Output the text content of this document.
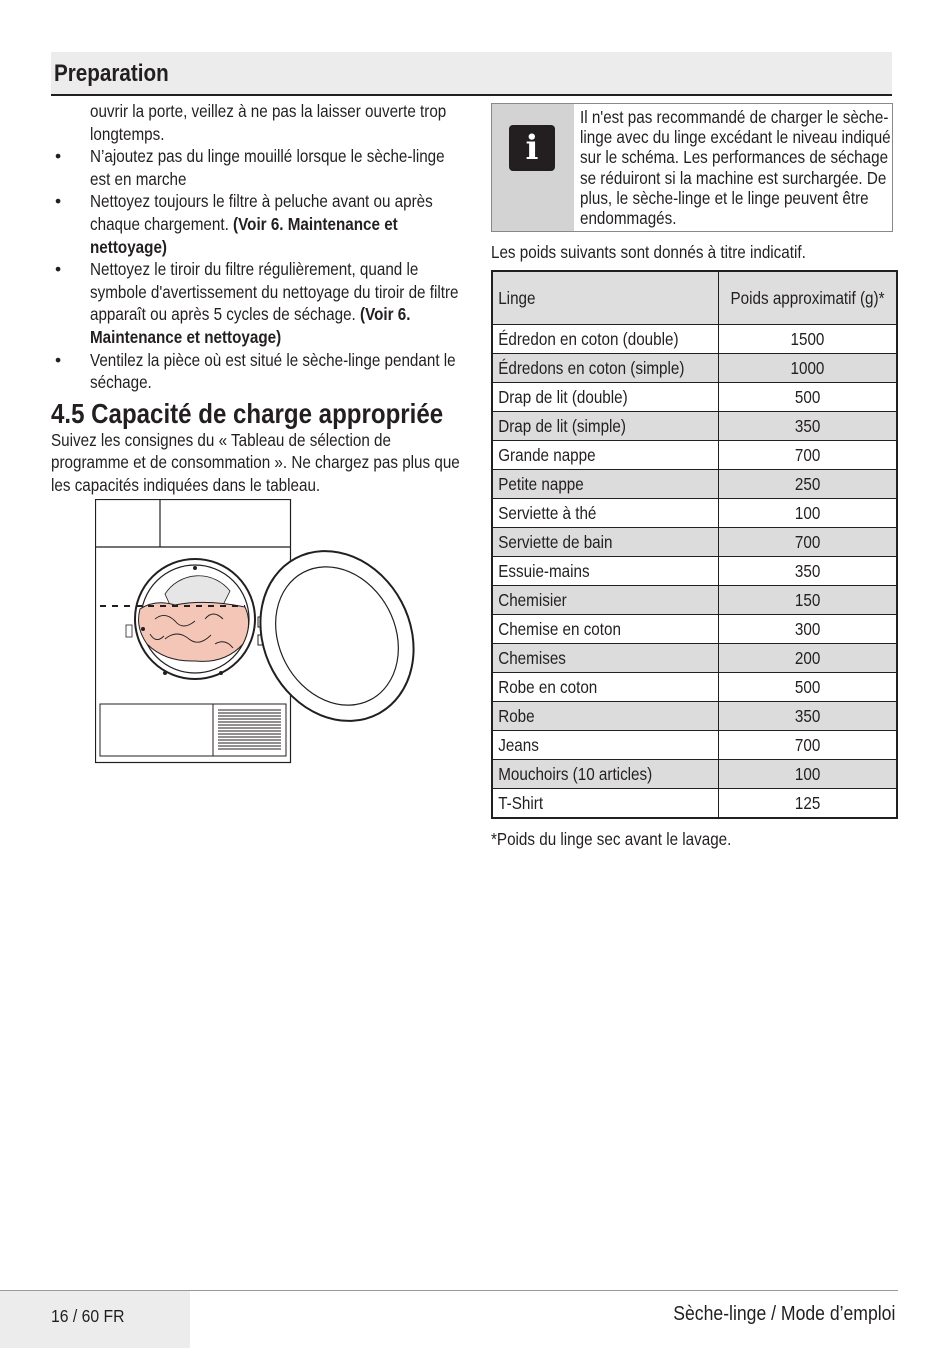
Preparation
ouvrir la porte, veillez à ne pas la laisser ouverte trop longtemps.
• N’ajoutez pas du linge mouillé lorsque le sèche-linge est en marche
• Nettoyez toujours le filtre à peluche avant ou après chaque chargement. (Voir 6. Maintenance et nettoyage)
• Nettoyez le tiroir du filtre régulièrement, quand le symbole d'avertissement du nettoyage du tiroir de filtre apparaît ou après 5 cycles de séchage. (Voir 6. Maintenance et nettoyage)
• Ventilez la pièce où est situé le sèche-linge pendant le séchage.
4.5 Capacité de charge appropriée
Suivez les consignes du « Tableau de sélection de programme et de consommation ». Ne chargez pas plus que les capacités indiquées dans le tableau.
i
Il n'est pas recommandé de charger le sèche-linge avec du linge excédant le niveau indiqué sur le schéma. Les performances de séchage se réduiront si la machine est surchargée. De plus, le sèche-linge et le linge peuvent être endommagés.
Les poids suivants sont donnés à titre indicatif.
Linge	Poids approximatif (g)*
Édredon en coton (double)	1500
Édredons en coton (simple)	1000
Drap de lit (double)	500
Drap de lit (simple)	350
Grande nappe	700
Petite nappe	250
Serviette à thé	100
Serviette de bain	700
Essuie-mains	350
Chemisier	150
Chemise en coton	300
Chemises	200
Robe en coton	500
Robe	350
Jeans	700
Mouchoirs (10 articles)	100
T-Shirt	125
*Poids du linge sec avant le lavage.
16 / 60 FR	Sèche-linge / Mode d’emploi
